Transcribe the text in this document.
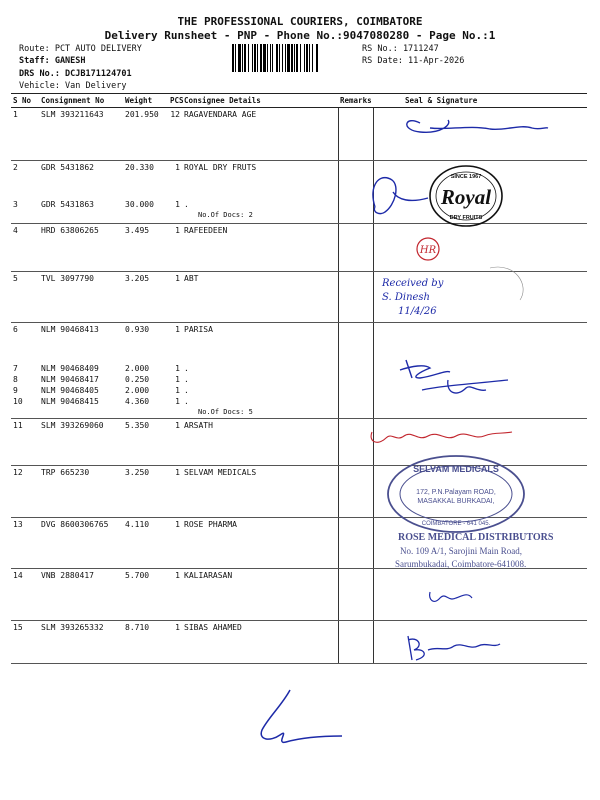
THE PROFESSIONAL COURIERS, COIMBATORE
Delivery Runsheet - PNP - Phone No.:9047080280 - Page No.:1
Route: PCT AUTO DELIVERY
Staff: GANESH
DRS No.: DCJB171124701
Vehicle: Van Delivery
RS No.: 1711247
RS Date: 11-Apr-2026
S No	Consignment No	Weight	PCS	Consignee Details	Remarks	Seal & Signature
1	SLM 393211643	201.950	12	RAGAVENDARA AGE		
2	GDR 5431862	20.330	1	ROYAL DRY FRUTS		
3	GDR 5431863	30.000	1	.
No.Of Docs: 2		

4	HRD 63806265	3.495	1	RAFEEDEEN		
5	TVL 3097790	3.205	1	ABT		
6	NLM 90468413	0.930	1	PARISA		
7	NLM 90468409	2.000	1	.		
8	NLM 90468417	0.250	1	.		
9	NLM 90468405	2.000	1	.		
10	NLM 90468415	4.360	1	.
No.Of Docs: 5		

11	SLM 393269060	5.350	1	ARSATH		
12	TRP 665230	3.250	1	SELVAM MEDICALS		
13	DVG 8600306765	4.110	1	ROSE PHARMA		
14	VNB 2880417	5.700	1	KALIARASAN		
15	SLM 393265332	8.710	1	SIBAS AHAMED		
SINCE 1967
Royal
DRY FRUITS
HR
Received by
S. Dinesh
11/4/26
SELVAM MEDICALS
172, P.N.Palayam ROAD,
MASAKKAL BURKADAI,
COIMBATORE - 641 045.
ROSE MEDICAL DISTRIBUTORS
No. 109 A/1, Sarojini Main Road,
Sarumbukadai, Coimbatore-641008.
